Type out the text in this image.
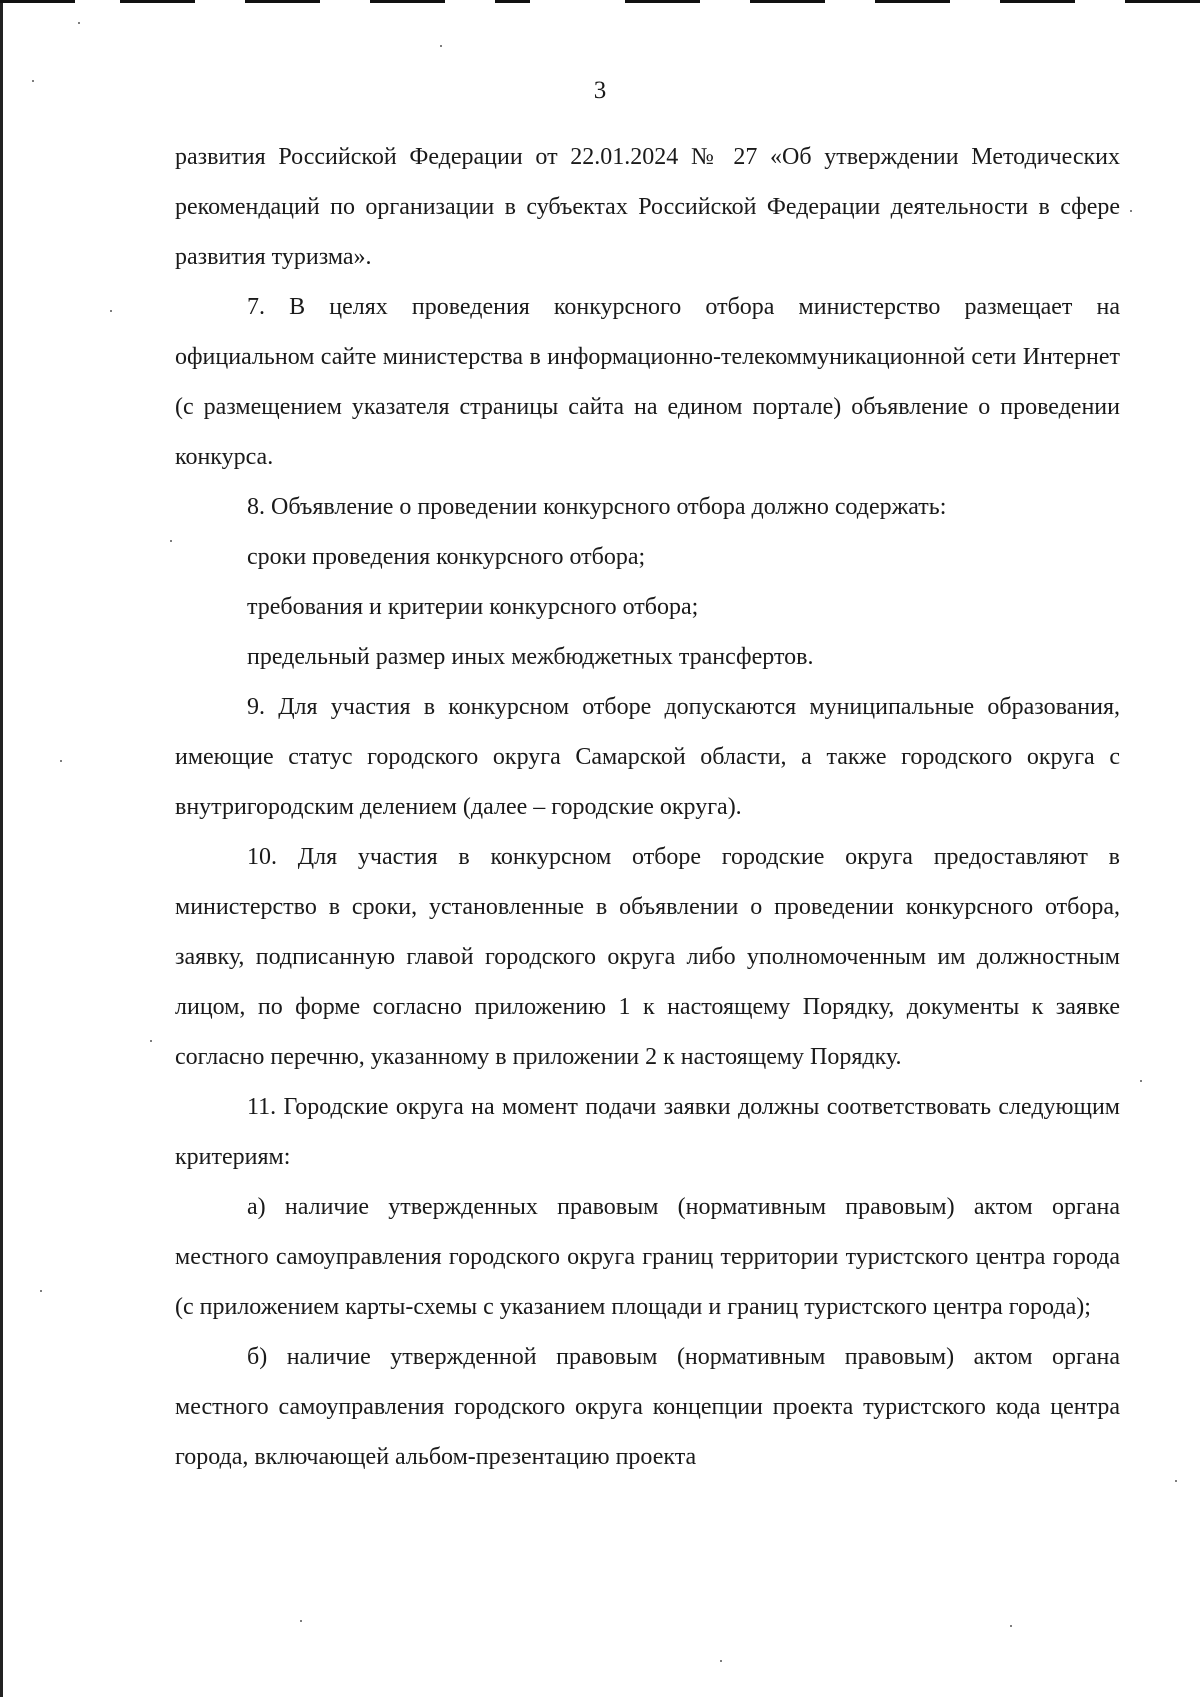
3

развития Российской Федерации от 22.01.2024 № 27 «Об утверждении Методических рекомендаций по организации в субъектах Российской Федерации деятельности в сфере развития туризма».

7. В целях проведения конкурсного отбора министерство размещает на официальном сайте министерства в информационно-телекоммуникационной сети Интернет (с размещением указателя страницы сайта на едином портале) объявление о проведении конкурса.

8. Объявление о проведении конкурсного отбора должно содержать:

сроки проведения конкурсного отбора;

требования и критерии конкурсного отбора;

предельный размер иных межбюджетных трансфертов.

9. Для участия в конкурсном отборе допускаются муниципальные образования, имеющие статус городского округа Самарской области, а также городского округа с внутригородским делением (далее – городские округа).

10. Для участия в конкурсном отборе городские округа предоставляют в министерство в сроки, установленные в объявлении о проведении конкурсного отбора, заявку, подписанную главой городского округа либо уполномоченным им должностным лицом, по форме согласно приложению 1 к настоящему Порядку, документы к заявке согласно перечню, указанному в приложении 2 к настоящему Порядку.

11. Городские округа на момент подачи заявки должны соответствовать следующим критериям:

а) наличие утвержденных правовым (нормативным правовым) актом органа местного самоуправления городского округа границ территории туристского центра города (с приложением карты-схемы с указанием площади и границ туристского центра города);

б) наличие утвержденной правовым (нормативным правовым) актом органа местного самоуправления городского округа концепции проекта туристского кода центра города, включающей альбом-презентацию проекта
